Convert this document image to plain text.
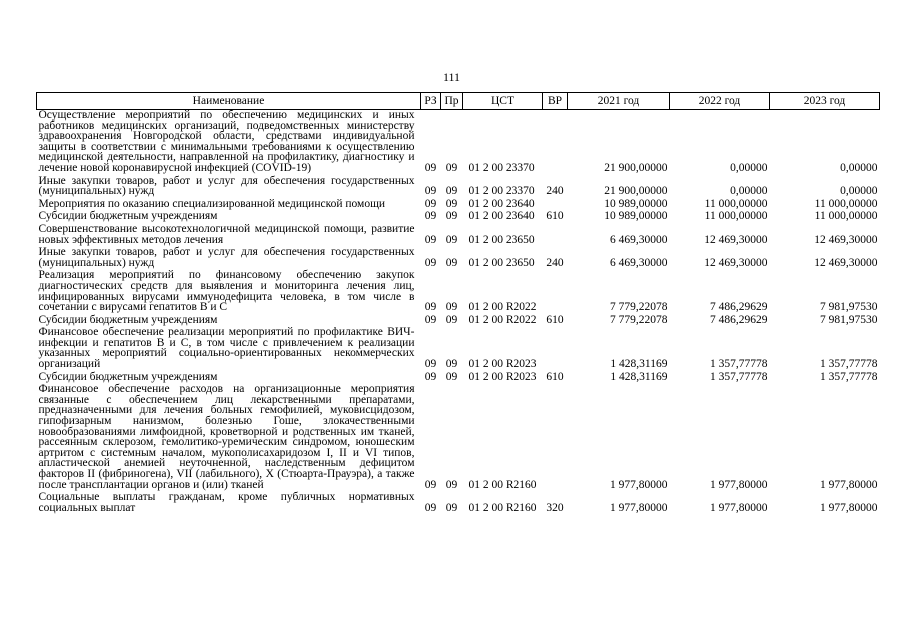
111
Наименование	РЗ	Пр	ЦСТ	ВР	2021 год	2022 год	2023 год
Осуществление мероприятий по обеспечению медицинских и иных работников медицинских организаций, подведомственных министерству здравоохранения Новгородской области, средствами индивидуальной защиты в соответствии с минимальными требованиями к осуществлению медицинской деятельности, направленной на профилактику, диагностику и лечение новой коронавирусной инфекцией (COVID-19)	09	09	01 2 00 23370		21 900,00000	0,00000	0,00000
Иные закупки товаров, работ и услуг для обеспечения государственных (муниципальных) нужд	09	09	01 2 00 23370	240	21 900,00000	0,00000	0,00000
Мероприятия по оказанию специализированной медицинской помощи	09	09	01 2 00 23640		10 989,00000	11 000,00000	11 000,00000
Субсидии бюджетным учреждениям	09	09	01 2 00 23640	610	10 989,00000	11 000,00000	11 000,00000
Совершенствование высокотехнологичной медицинской помощи, развитие новых эффективных методов лечения	09	09	01 2 00 23650		6 469,30000	12 469,30000	12 469,30000
Иные закупки товаров, работ и услуг для обеспечения государственных (муниципальных) нужд	09	09	01 2 00 23650	240	6 469,30000	12 469,30000	12 469,30000
Реализация мероприятий по финансовому обеспечению закупок диагностических средств для выявления и мониторинга лечения лиц, инфицированных вирусами иммунодефицита человека, в том числе в сочетании с вирусами гепатитов В и С	09	09	01 2 00 R2022		7 779,22078	7 486,29629	7 981,97530
Субсидии бюджетным учреждениям	09	09	01 2 00 R2022	610	7 779,22078	7 486,29629	7 981,97530
Финансовое обеспечение реализации мероприятий по профилактике ВИЧ-инфекции и гепатитов В и С, в том числе с привлечением к реализации указанных мероприятий социально-ориентированных некоммерческих организаций	09	09	01 2 00 R2023		1 428,31169	1 357,77778	1 357,77778
Субсидии бюджетным учреждениям	09	09	01 2 00 R2023	610	1 428,31169	1 357,77778	1 357,77778
Финансовое обеспечение расходов на организационные мероприятия связанные с обеспечением лиц лекарственными препаратами, предназначенными для лечения больных гемофилией, муковисцидозом, гипофизарным нанизмом, болезнью Гоше, злокачественными новообразованиями лимфоидной, кроветворной и родственных им тканей, рассеянным склерозом, гемолитико-уремическим синдромом, юношеским артритом с системным началом, мукополисахаридозом I, II и VI типов, апластической анемией неуточненной, наследственным дефицитом факторов II (фибриногена), VII (лабильного), X (Стюарта-Прауэра), а также после трансплантации органов и (или) тканей	09	09	01 2 00 R2160		1 977,80000	1 977,80000	1 977,80000
Социальные выплаты гражданам, кроме публичных нормативных социальных выплат	09	09	01 2 00 R2160	320	1 977,80000	1 977,80000	1 977,80000
